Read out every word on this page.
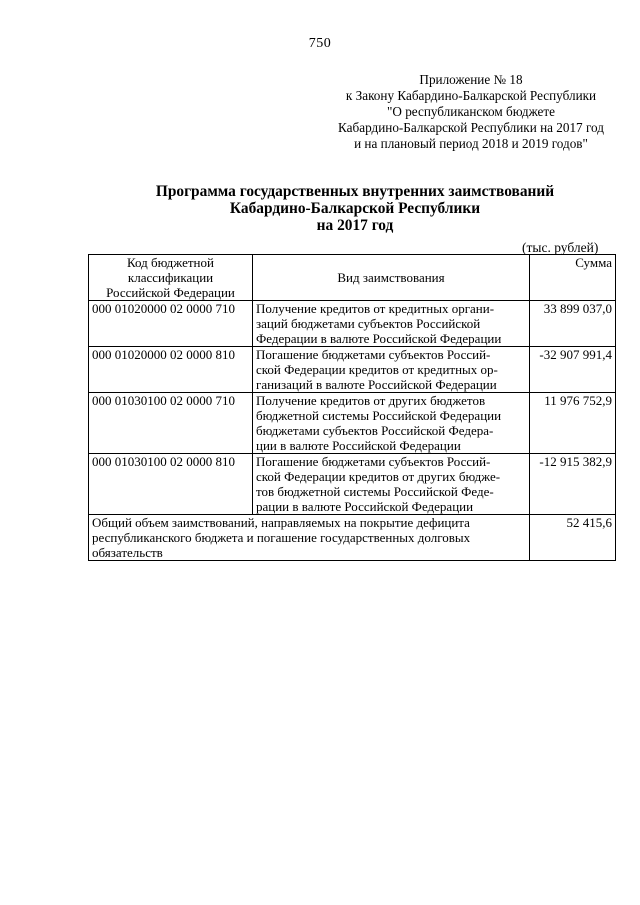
750
Приложение № 18
к Закону Кабардино-Балкарской Республики
"О республиканском бюджете
Кабардино-Балкарской Республики на 2017 год
и на плановый период 2018 и 2019 годов"
Программа государственных внутренних заимствований
Кабардино-Балкарской Республики
на 2017 год
(тыс. рублей)
Код бюджетной
классификации
Российской Федерации	Вид заимствования	Сумма
000 01020000 02 0000 710	Получение кредитов от кредитных органи-
заций бюджетами субъектов Российской
Федерации в валюте Российской Федерации	33 899 037,0
000 01020000 02 0000 810	Погашение бюджетами субъектов Россий-
ской Федерации кредитов от кредитных ор-
ганизаций в валюте Российской Федерации	-32 907 991,4
000 01030100 02 0000 710	Получение кредитов от других бюджетов
бюджетной системы Российской Федерации
бюджетами субъектов Российской Федера-
ции в валюте Российской Федерации	11 976 752,9
000 01030100 02 0000 810	Погашение бюджетами субъектов Россий-
ской Федерации кредитов от других бюдже-
тов бюджетной системы Российской Феде-
рации в валюте Российской Федерации	-12 915 382,9

Общий объем заимствований, направляемых на покрытие дефицита
республиканского бюджета и погашение государственных долговых
обязательств		52 415,6
